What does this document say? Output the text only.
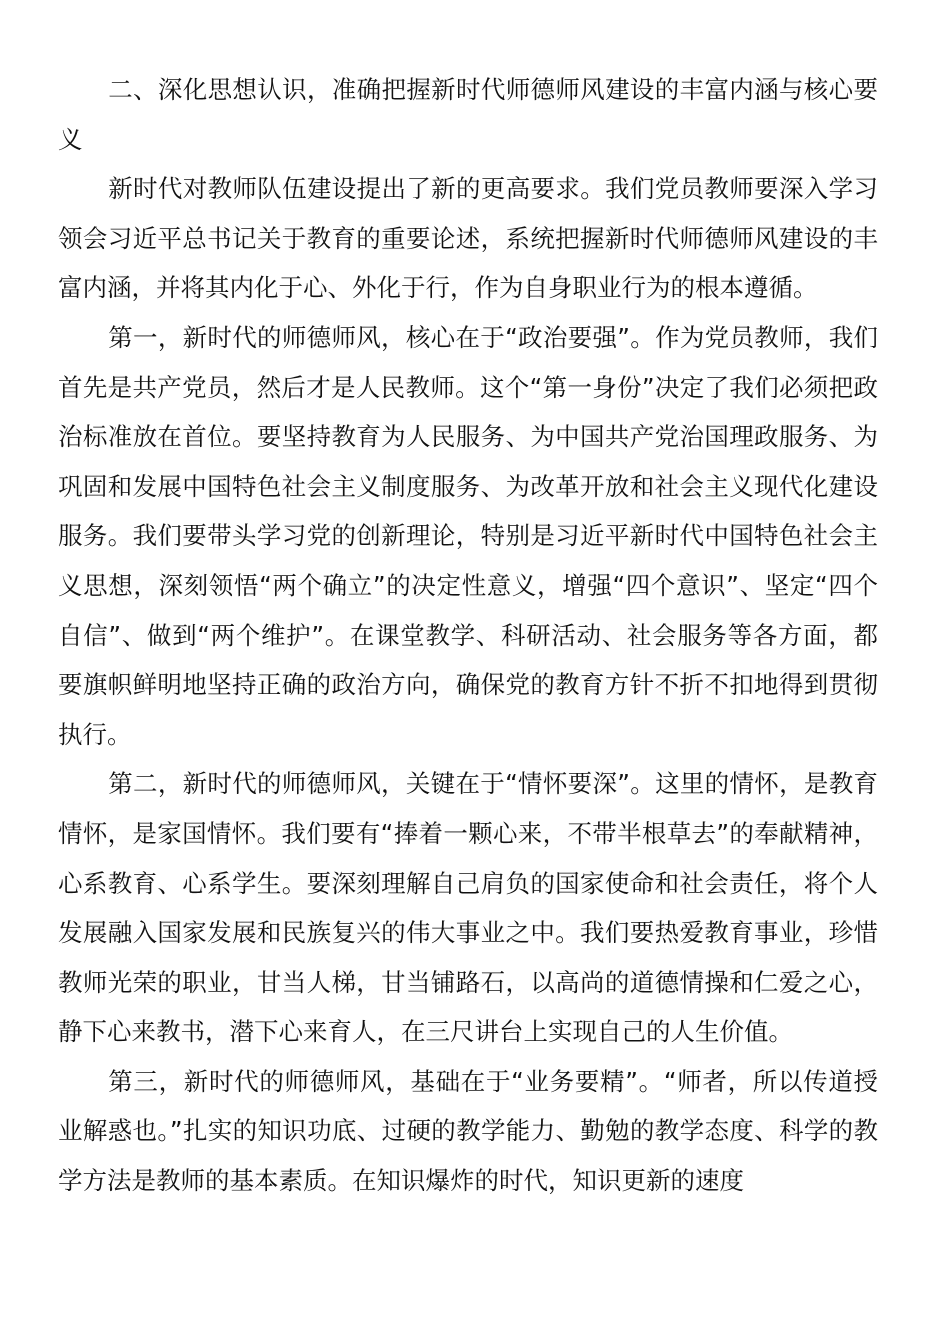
二、深化思想认识，准确把握新时代师德师风建设的丰富内涵与核心要义

新时代对教师队伍建设提出了新的更高要求。我们党员教师要深入学习领会习近平总书记关于教育的重要论述，系统把握新时代师德师风建设的丰富内涵，并将其内化于心、外化于行，作为自身职业行为的根本遵循。

第一，新时代的师德师风，核心在于“政治要强”。作为党员教师，我们首先是共产党员，然后才是人民教师。这个“第一身份”决定了我们必须把政治标准放在首位。要坚持教育为人民服务、为中国共产党治国理政服务、为巩固和发展中国特色社会主义制度服务、为改革开放和社会主义现代化建设服务。我们要带头学习党的创新理论，特别是习近平新时代中国特色社会主义思想，深刻领悟“两个确立”的决定性意义，增强“四个意识”、坚定“四个自信”、做到“两个维护”。在课堂教学、科研活动、社会服务等各方面，都要旗帜鲜明地坚持正确的政治方向，确保党的教育方针不折不扣地得到贯彻执行。

第二，新时代的师德师风，关键在于“情怀要深”。这里的情怀，是教育情怀，是家国情怀。我们要有“捧着一颗心来，不带半根草去”的奉献精神，心系教育、心系学生。要深刻理解自己肩负的国家使命和社会责任，将个人发展融入国家发展和民族复兴的伟大事业之中。我们要热爱教育事业，珍惜教师光荣的职业，甘当人梯，甘当铺路石，以高尚的道德情操和仁爱之心，静下心来教书，潜下心来育人，在三尺讲台上实现自己的人生价值。

第三，新时代的师德师风，基础在于“业务要精”。“师者，所以传道授业解惑也。”扎实的知识功底、过硬的教学能力、勤勉的教学态度、科学的教学方法是教师的基本素质。在知识爆炸的时代，知识更新的速度
